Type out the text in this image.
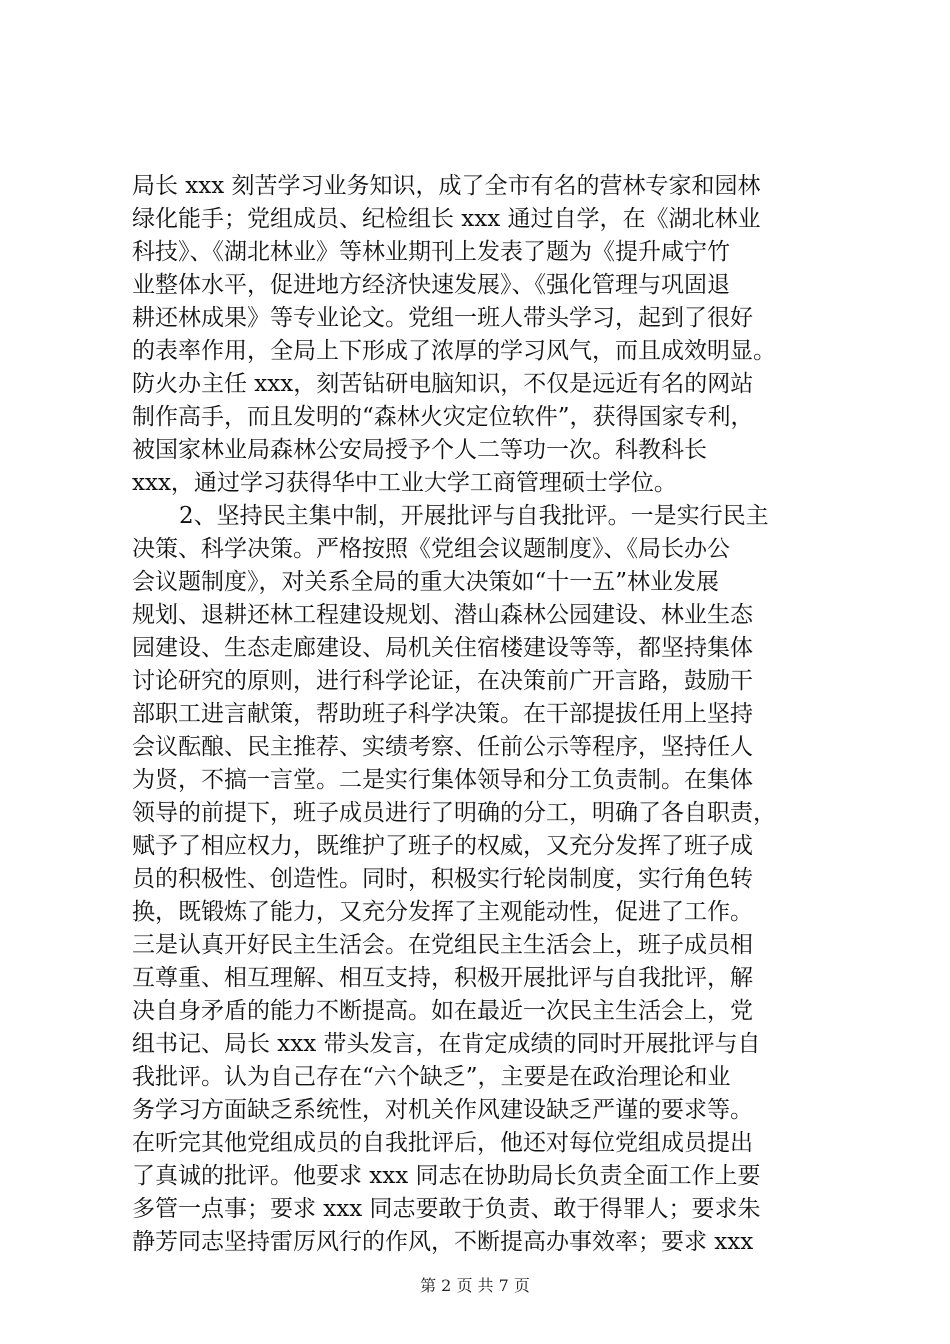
局长 xxx 刻苦学习业务知识，成了全市有名的营林专家和园林
绿化能手；党组成员、纪检组长 xxx 通过自学，在《湖北林业
科技》、《湖北林业》等林业期刊上发表了题为《提升咸宁竹
业整体水平，促进地方经济快速发展》、《强化管理与巩固退
耕还林成果》等专业论文。党组一班人带头学习，起到了很好
的表率作用，全局上下形成了浓厚的学习风气，而且成效明显。
防火办主任 xxx，刻苦钻研电脑知识，不仅是远近有名的网站
制作高手，而且发明的“森林火灾定位软件”，获得国家专利，
被国家林业局森林公安局授予个人二等功一次。科教科长
xxx，通过学习获得华中工业大学工商管理硕士学位。
2、坚持民主集中制，开展批评与自我批评。一是实行民主
决策、科学决策。严格按照《党组会议题制度》、《局长办公
会议题制度》，对关系全局的重大决策如“十一五”林业发展
规划、退耕还林工程建设规划、潜山森林公园建设、林业生态
园建设、生态走廊建设、局机关住宿楼建设等等，都坚持集体
讨论研究的原则，进行科学论证，在决策前广开言路，鼓励干
部职工进言献策，帮助班子科学决策。在干部提拔任用上坚持
会议酝酿、民主推荐、实绩考察、任前公示等程序，坚持任人
为贤，不搞一言堂。二是实行集体领导和分工负责制。在集体
领导的前提下，班子成员进行了明确的分工，明确了各自职责，
赋予了相应权力，既维护了班子的权威，又充分发挥了班子成
员的积极性、创造性。同时，积极实行轮岗制度，实行角色转
换，既锻炼了能力，又充分发挥了主观能动性，促进了工作。
三是认真开好民主生活会。在党组民主生活会上，班子成员相
互尊重、相互理解、相互支持，积极开展批评与自我批评，解
决自身矛盾的能力不断提高。如在最近一次民主生活会上，党
组书记、局长 xxx 带头发言，在肯定成绩的同时开展批评与自
我批评。认为自己存在“六个缺乏”，主要是在政治理论和业
务学习方面缺乏系统性，对机关作风建设缺乏严谨的要求等。
在听完其他党组成员的自我批评后，他还对每位党组成员提出
了真诚的批评。他要求 xxx 同志在协助局长负责全面工作上要
多管一点事；要求 xxx 同志要敢于负责、敢于得罪人；要求朱
静芳同志坚持雷厉风行的作风，不断提高办事效率；要求 xxx
第 2 页 共 7 页
